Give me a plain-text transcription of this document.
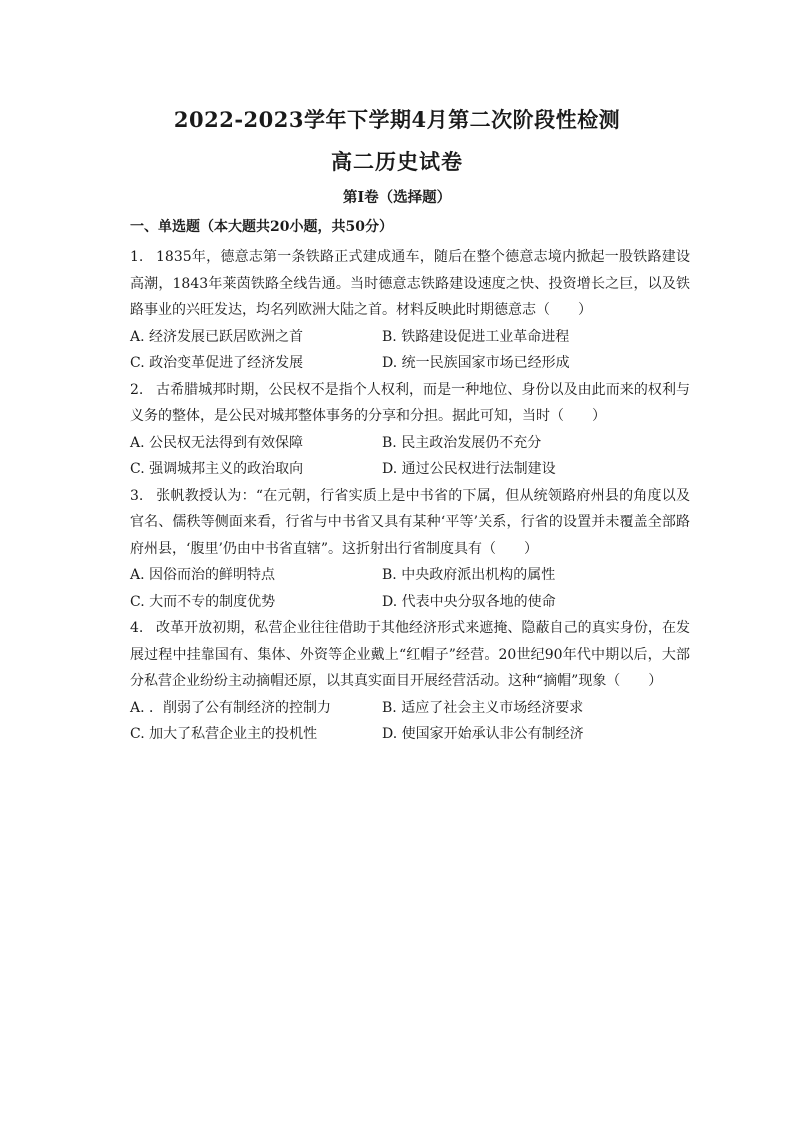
2022-2023学年下学期4月第二次阶段性检测
高二历史试卷
第I卷（选择题）
一、单选题（本大题共20小题，共50分）
1. 1835年，德意志第一条铁路正式建成通车，随后在整个德意志境内掀起一股铁路建设高潮，1843年莱茵铁路全线告通。当时德意志铁路建设速度之快、投资增长之巨，以及铁路事业的兴旺发达，均名列欧洲大陆之首。材料反映此时期德意志（　　）
A. 经济发展已跃居欧洲之首	B. 铁路建设促进工业革命进程
C. 政治变革促进了经济发展	D. 统一民族国家市场已经形成
2. 古希腊城邦时期，公民权不是指个人权利，而是一种地位、身份以及由此而来的权利与义务的整体，是公民对城邦整体事务的分享和分担。据此可知，当时（　　）
A. 公民权无法得到有效保障	B. 民主政治发展仍不充分
C. 强调城邦主义的政治取向	D. 通过公民权进行法制建设
3. 张帆教授认为：“在元朝，行省实质上是中书省的下属，但从统领路府州县的角度以及官名、儒秩等侧面来看，行省与中书省又具有某种‘平等’关系，行省的设置并未覆盖全部路府州县，‘腹里’仍由中书省直辖”。这折射出行省制度具有（　　）
A. 因俗而治的鲜明特点	B. 中央政府派出机构的属性
C. 大而不专的制度优势	D. 代表中央分驭各地的使命
4. 改革开放初期，私营企业往往借助于其他经济形式来遮掩、隐蔽自己的真实身份，在发展过程中挂靠国有、集体、外资等企业戴上“红帽子”经营。20世纪90年代中期以后，大部分私营企业纷纷主动摘帽还原，以其真实面目开展经营活动。这种“摘帽”现象（　　）
A. ．削弱了公有制经济的控制力	B. 适应了社会主义市场经济要求
C. 加大了私营企业主的投机性	D. 使国家开始承认非公有制经济
